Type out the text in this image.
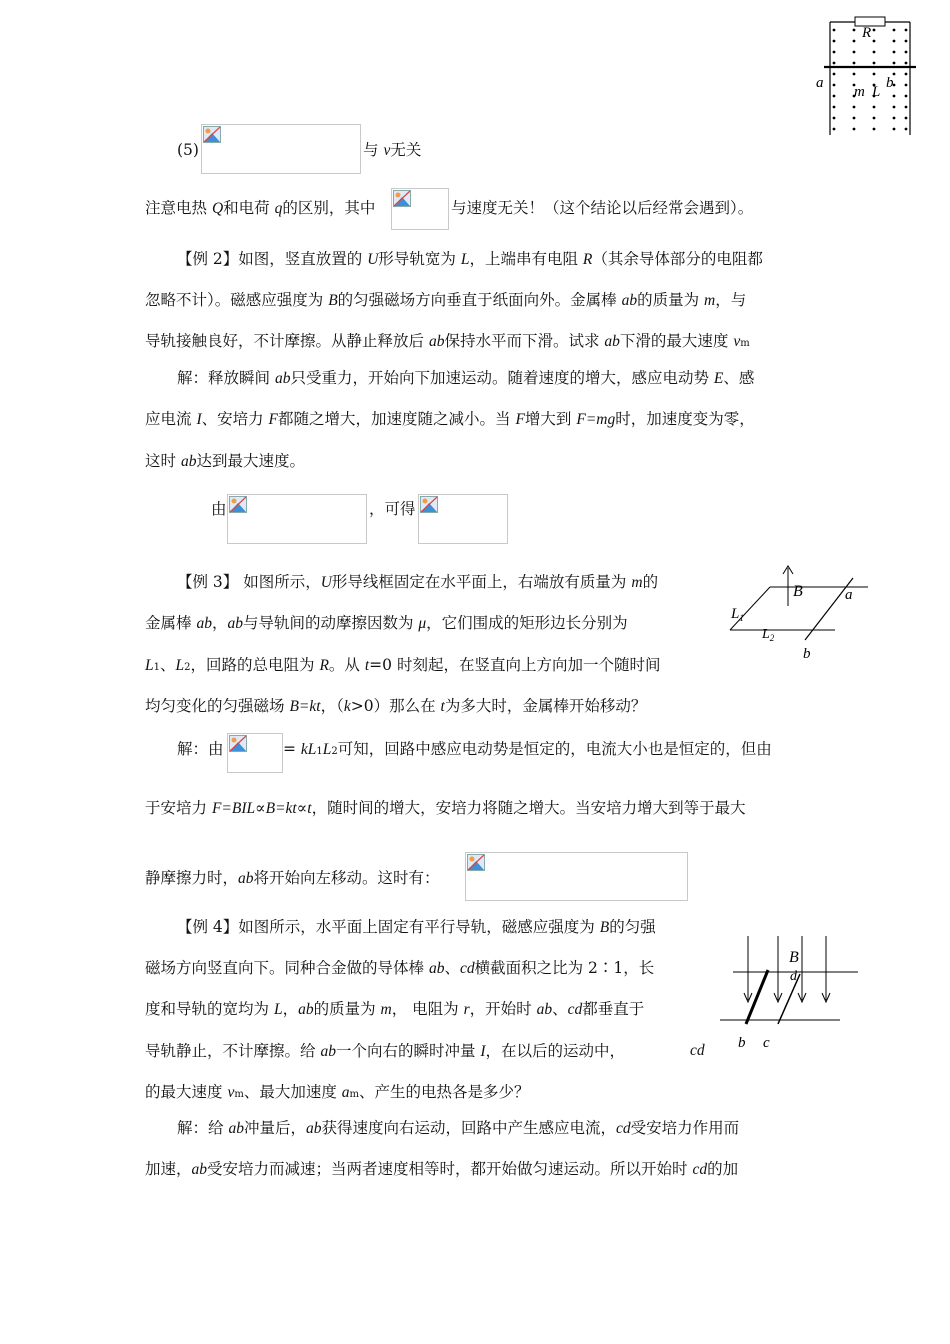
R
a	b
m L
(5)	与 v无关
注意电热 Q和电荷 q的区别，其中	与速度无关！（这个结论以后经常会遇到）。
【例 2】如图，竖直放置的 U形导轨宽为 L，上端串有电阻 R（其余导体部分的电阻都
忽略不计）。磁感应强度为 B的匀强磁场方向垂直于纸面向外。金属棒 ab的质量为 m，与
导轨接触良好，不计摩擦。从静止释放后 ab保持水平而下滑。试求 ab下滑的最大速度 vm
解：释放瞬间 ab只受重力，开始向下加速运动。随着速度的增大，感应电动势 E、感
应电流 I、安培力 F都随之增大，加速度随之减小。当 F增大到 F=mg时，加速度变为零，
这时 ab达到最大速度。
由	，可得
B	a
$L_1$
$L_2$
b
【例 3】 如图所示，U形导线框固定在水平面上，右端放有质量为 m的
金属棒 ab，ab与导轨间的动摩擦因数为 μ，它们围成的矩形边长分别为
L1、L2，回路的总电阻为 R。从 t=0 时刻起，在竖直向上方向加一个随时间
均匀变化的匀强磁场 B=kt，（k>0）那么在 t为多大时，金属棒开始移动？
解：由	= kL1L2可知，回路中感应电动势是恒定的，电流大小也是恒定的，但由
于安培力 F=BIL∝B=kt∝t，随时间的增大，安培力将随之增大。当安培力增大到等于最大
静摩擦力时，ab将开始向左移动。这时有：
B
d
b c
【例 4】如图所示，水平面上固定有平行导轨，磁感应强度为 B的匀强
磁场方向竖直向下。同种合金做的导体棒 ab、cd横截面积之比为 2∶1，长
度和导轨的宽均为 L，ab的质量为 m， 电阻为 r，开始时 ab、cd都垂直于
导轨静止，不计摩擦。给 ab一个向右的瞬时冲量 I，在以后的运动中，	cd
的最大速度 vm、最大加速度 am、产生的电热各是多少？
解：给 ab冲量后，ab获得速度向右运动，回路中产生感应电流，cd受安培力作用而
加速，ab受安培力而减速；当两者速度相等时，都开始做匀速运动。所以开始时 cd的加
